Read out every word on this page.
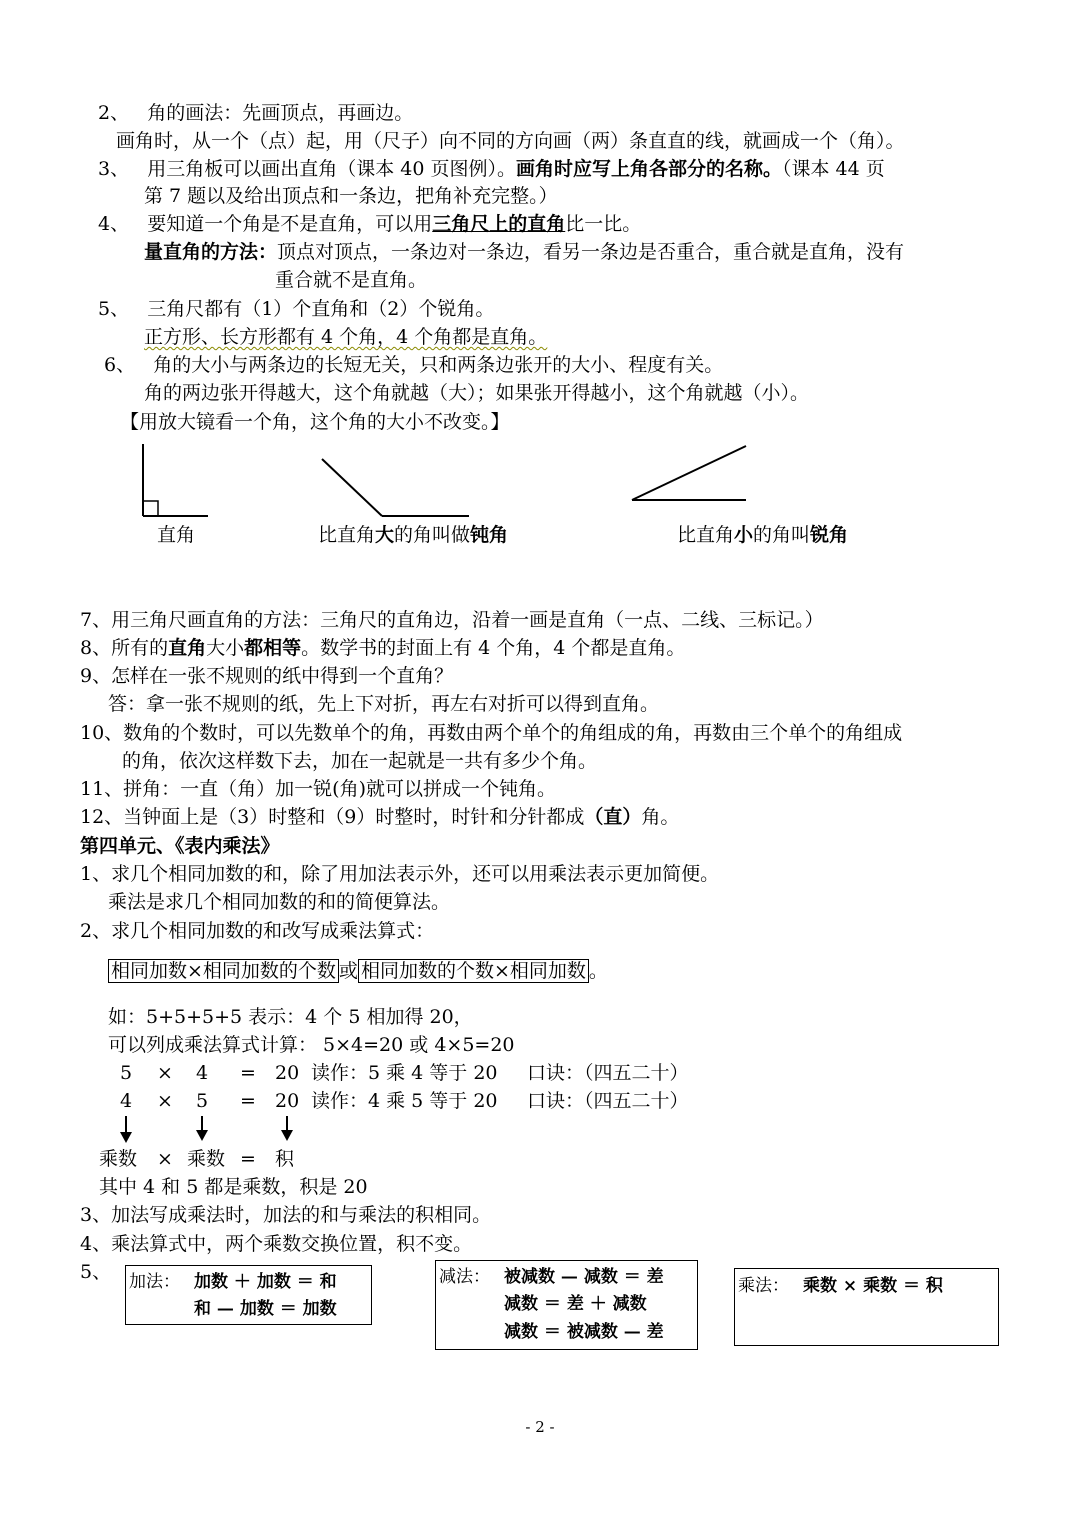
2、 角的画法：先画顶点，再画边。
画角时，从一个（点）起，用（尺子）向不同的方向画（两）条直直的线，就画成一个（角）。
3、 用三角板可以画出直角（课本 40 页图例）。画角时应写上角各部分的名称。（课本 44 页
第 7 题以及给出顶点和一条边，把角补充完整。）
4、 要知道一个角是不是直角，可以用三角尺上的直角比一比。
量直角的方法：顶点对顶点，一条边对一条边，看另一条边是否重合，重合就是直角，没有
重合就不是直角。
5、 三角尺都有（1）个直角和（2）个锐角。
正方形、长方形都有 4 个角，4 个角都是直角。
6、 角的大小与两条边的长短无关，只和两条边张开的大小、程度有关。
角的两边张开得越大，这个角就越（大）；如果张开得越小，这个角就越（小）。
【用放大镜看一个角，这个角的大小不改变。】
直角	比直角大的角叫做钝角	比直角小的角叫锐角
7、用三角尺画直角的方法：三角尺的直角边，沿着一画是直角（一点、二线、三标记。）
8、所有的直角大小都相等。数学书的封面上有 4 个角，4 个都是直角。
9、怎样在一张不规则的纸中得到一个直角？
答：拿一张不规则的纸，先上下对折，再左右对折可以得到直角。
10、数角的个数时，可以先数单个的角，再数由两个单个的角组成的角，再数由三个单个的角组成
的角，依次这样数下去，加在一起就是一共有多少个角。
11、拼角：一直（角）加一锐(角)就可以拼成一个钝角。
12、当钟面上是（3）时整和（9）时整时，时针和分针都成（直）角。
第四单元、《表内乘法》
1、求几个相同加数的和，除了用加法表示外，还可以用乘法表示更加简便。
乘法是求几个相同加数的和的简便算法。
2、求几个相同加数的和改写成乘法算式：
相同加数×相同加数的个数 或 相同加数的个数×相同加数 。
如：5+5+5+5 表示：4 个 5 相加得 20，
可以列成乘法算式计算： 5×4=20 或 4×5=20
5 × 4 = 20 读作：5 乘 4 等于 20 口诀：（四五二十）
4 × 5 = 20 读作：4 乘 5 等于 20 口诀：（四五二十）
乘数 × 乘数 = 积
其中 4 和 5 都是乘数，积是 20
3、加法写成乘法时，加法的和与乘法的积相同。
4、乘法算式中，两个乘数交换位置，积不变。
5、 加法： 加数 ＋ 加数 ＝ 和
和 — 加数 ＝ 加数
减法： 被减数 — 减数 ＝ 差
减数 ＝ 差 ＋ 减数
减数 ＝ 被减数 — 差
乘法： 乘数 × 乘数 ＝ 积
- 2 -
